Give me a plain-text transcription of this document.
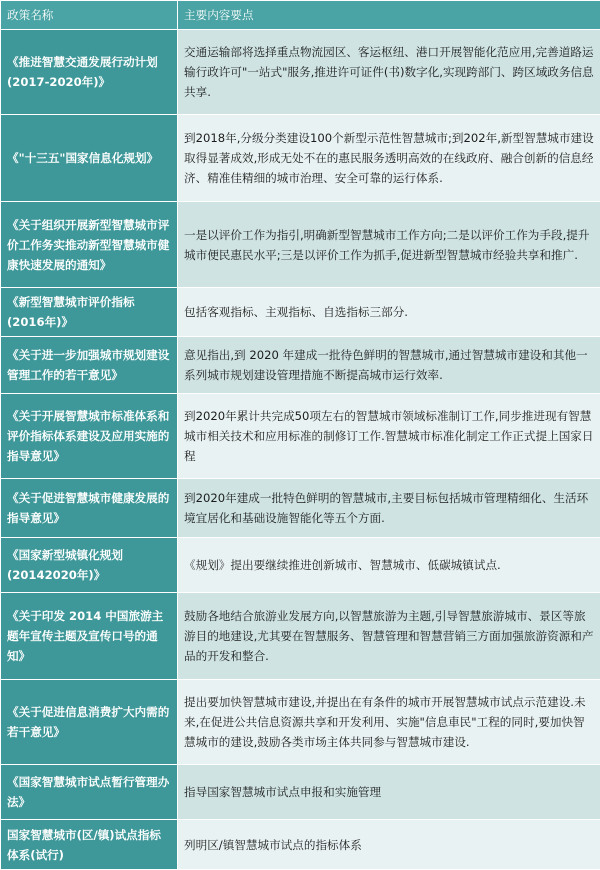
政策名称	主要内容要点
《推进智慧交通发展行动计划(2017-2020年)》	交通运输部将选择重点物流园区、客运枢纽、港口开展智能化范应用,完善道路运输行政许可"一站式"服务,推进许可证件(书)数字化,实现跨部门、跨区域政务信息共享.
《"十三五"国家信息化规划》	到2018年,分级分类建设100个新型示范性智慧城市;到202年,新型智慧城市建设取得显著成效,形成无处不在的惠民服务透明高效的在线政府、融合创新的信息经济、精准佳精细的城市治理、安全可靠的运行体系.
《关于组织开展新型智慧城市评价工作务实推动新型智慧城市健康快速发展的通知》	一是以评价工作为指引,明确新型智慧城市工作方向;二是以评价工作为手段,提升城市便民惠民水平;三是以评价工作为抓手,促进新型智慧城市经验共享和推广.
《新型智慧城市评价指标(2016年)》	包括客观指标、主观指标、自选指标三部分.
《关于进一步加强城市规划建设管理工作的若干意见》	意见指出,到 2020 年建成一批待色鲜明的智慧城市,通过智慧城市建设和其他一系列城市规划建设管理措施不断提高城市运行效率.
《关于开展智慧城市标准体系和评价指标体系建设及应用实施的指导意见》	到2020年累计共完成50项左右的智慧城市领域标准制订工作,同步推进现有智慧城市相关技术和应用标准的制修订工作.智慧城市标准化制定工作正式提上国家日程
《关于促进智慧城市健康发展的指导意见》	到2020年建成一批特色鲜明的智慧城市,主要目标包括城市管理精细化、生活环境宜居化和基础设施智能化等五个方面.
《国家新型城镇化规划(20142020年)》	《规划》提出要继续推进创新城市、智慧城市、低碳城镇试点.
《关于印发 2014 中国旅游主题年宣传主题及宣传口号的通知》	鼓励各地结合旅游业发展方向,以智慧旅游为主题,引导智慧旅游城市、景区等旅游目的地建设,尤其要在智慧服务、智慧管理和智慧营销三方面加强旅游资源和产品的开发和整合.
《关于促进信息消费扩大内需的若干意见》	提出要加快智慧城市建设,并提出在有条件的城市开展智慧城市试点示范建设.未来,在促进公共信息资源共享和开发利用、实施"信息車民"工程的同时,要加快智慧城市的建设,鼓励各类市场主体共同参与智慧城市建设.
《国家智慧城市试点暂行管理办法》	指导国家智慧城市试点申报和实施管理
国家智慧城市(区/镇)试点指标体系(试行)	列明区/镇智慧城市试点的指标体系
